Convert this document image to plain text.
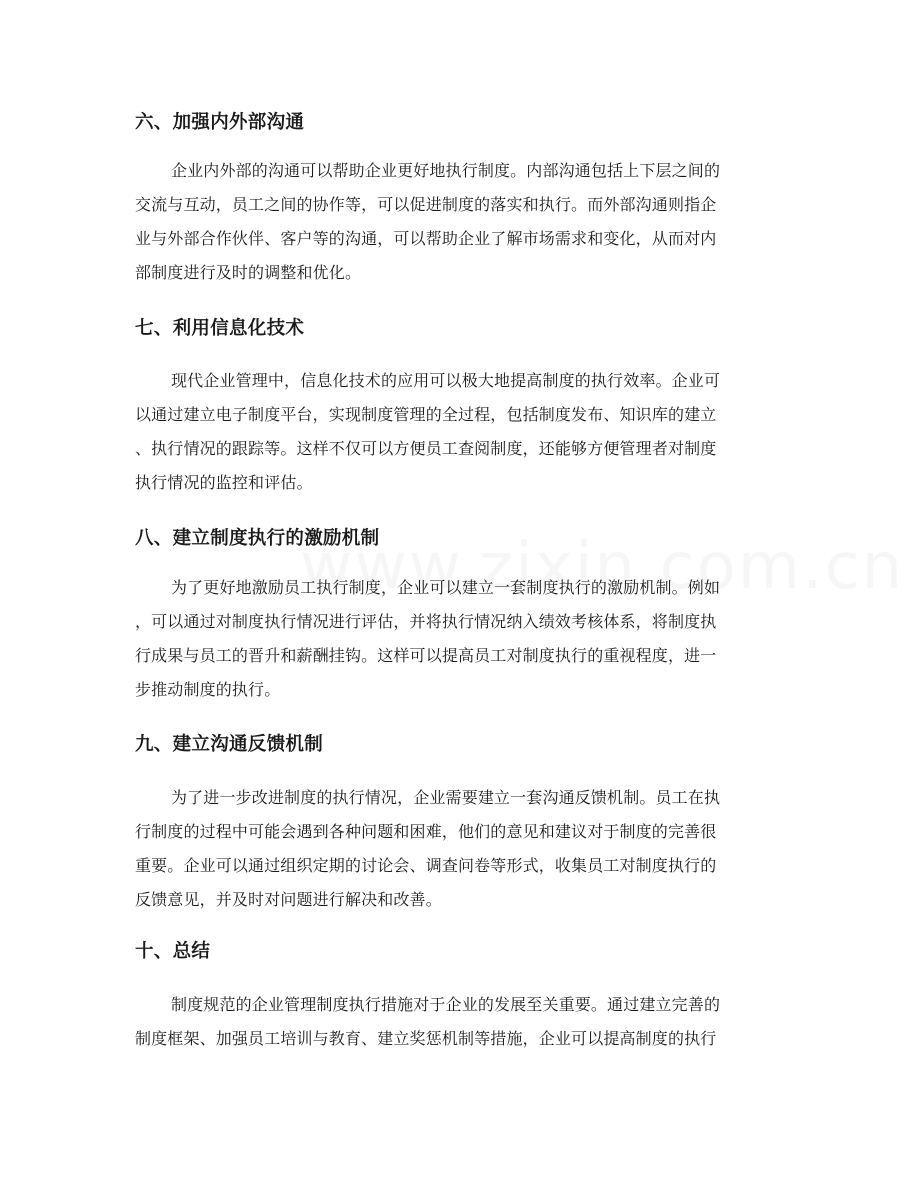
六、加强内外部沟通
企业内外部的沟通可以帮助企业更好地执行制度。内部沟通包括上下层之间的
交流与互动，员工之间的协作等，可以促进制度的落实和执行。而外部沟通则指企
业与外部合作伙伴、客户等的沟通，可以帮助企业了解市场需求和变化，从而对内
部制度进行及时的调整和优化。
七、利用信息化技术
现代企业管理中，信息化技术的应用可以极大地提高制度的执行效率。企业可
以通过建立电子制度平台，实现制度管理的全过程，包括制度发布、知识库的建立
、执行情况的跟踪等。这样不仅可以方便员工查阅制度，还能够方便管理者对制度
执行情况的监控和评估。
八、建立制度执行的激励机制
为了更好地激励员工执行制度，企业可以建立一套制度执行的激励机制。例如
，可以通过对制度执行情况进行评估，并将执行情况纳入绩效考核体系，将制度执
行成果与员工的晋升和薪酬挂钩。这样可以提高员工对制度执行的重视程度，进一
步推动制度的执行。
九、建立沟通反馈机制
为了进一步改进制度的执行情况，企业需要建立一套沟通反馈机制。员工在执
行制度的过程中可能会遇到各种问题和困难，他们的意见和建议对于制度的完善很
重要。企业可以通过组织定期的讨论会、调查问卷等形式，收集员工对制度执行的
反馈意见，并及时对问题进行解决和改善。
十、总结
制度规范的企业管理制度执行措施对于企业的发展至关重要。通过建立完善的
制度框架、加强员工培训与教育、建立奖惩机制等措施，企业可以提高制度的执行
